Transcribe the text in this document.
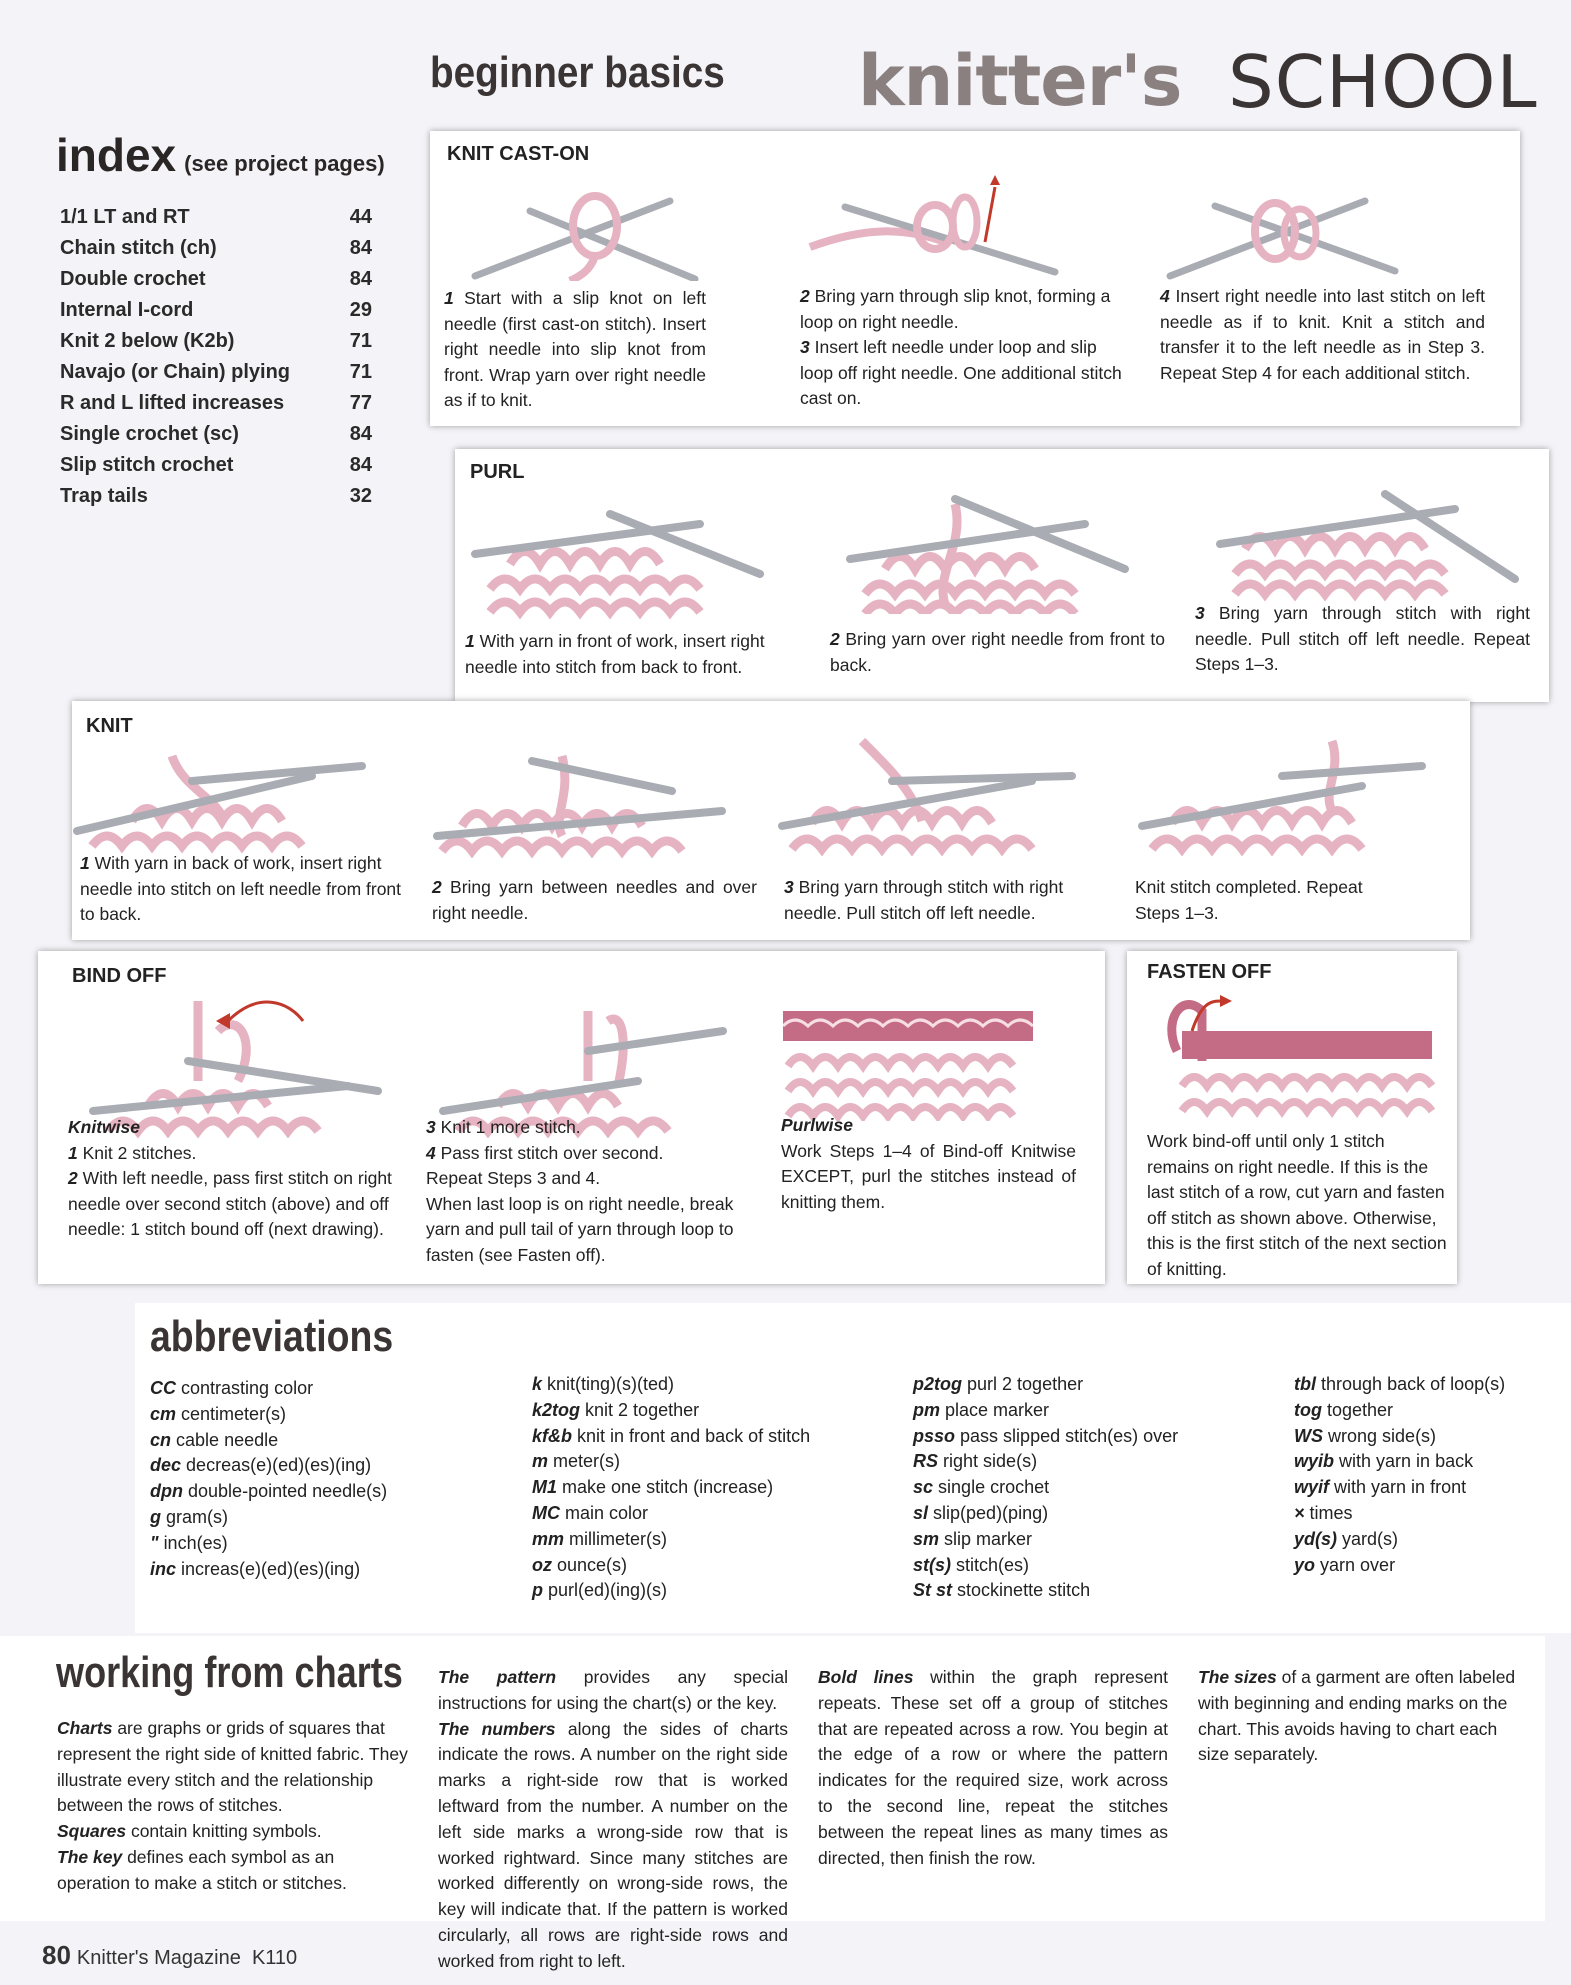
beginner basics knitter's SCHOOL
index (see project pages)
1/1 LT and RT	44
Chain stitch (ch)	84
Double crochet	84
Internal I-cord	29
Knit 2 below (K2b)	71
Navajo (or Chain) plying	71
R and L lifted increases	77
Single crochet (sc)	84
Slip stitch crochet	84
Trap tails	32
KNIT CAST-ON
1 Start with a slip knot on left needle (first cast-on stitch). Insert right needle into slip knot from front. Wrap yarn over right needle as if to knit.
2 Bring yarn through slip knot, forming a loop on right needle.
3 Insert left needle under loop and slip loop off right needle. One additional stitch cast on.
4 Insert right needle into last stitch on left needle as if to knit. Knit a stitch and transfer it to the left needle as in Step 3. Repeat Step 4 for each additional stitch.
PURL
1 With yarn in front of work, insert right needle into stitch from back to front.
2 Bring yarn over right needle from front to back.
3 Bring yarn through stitch with right needle. Pull stitch off left needle. Repeat Steps 1–3.
KNIT
1 With yarn in back of work, insert right needle into stitch on left needle from front to back.
2 Bring yarn between needles and over right needle.
3 Bring yarn through stitch with right needle. Pull stitch off left needle.
Knit stitch completed. Repeat Steps 1–3.
BIND OFF
Knitwise
1 Knit 2 stitches.
2 With left needle, pass first stitch on right needle over second stitch (above) and off needle: 1 stitch bound off (next drawing).
3 Knit 1 more stitch.
4 Pass first stitch over second.
Repeat Steps 3 and 4.
When last loop is on right needle, break yarn and pull tail of yarn through loop to fasten (see Fasten off).
Purlwise
Work Steps 1–4 of Bind-off Knitwise EXCEPT, purl the stitches instead of knitting them.
FASTEN OFF
Work bind-off until only 1 stitch remains on right needle. If this is the last stitch of a row, cut yarn and fasten off stitch as shown above. Otherwise, this is the first stitch of the next section of knitting.
abbreviations
CC contrasting color
cm centimeter(s)
cn cable needle
dec decreas(e)(ed)(es)(ing)
dpn double-pointed needle(s)
g gram(s)
" inch(es)
inc increas(e)(ed)(es)(ing)
k knit(ting)(s)(ted)
k2tog knit 2 together
kf&b knit in front and back of stitch
m meter(s)
M1 make one stitch (increase)
MC main color
mm millimeter(s)
oz ounce(s)
p purl(ed)(ing)(s)
p2tog purl 2 together
pm place marker
psso pass slipped stitch(es) over
RS right side(s)
sc single crochet
sl slip(ped)(ping)
sm slip marker
st(s) stitch(es)
St st stockinette stitch
tbl through back of loop(s)
tog together
WS wrong side(s)
wyib with yarn in back
wyif with yarn in front
× times
yd(s) yard(s)
yo yarn over
working from charts
Charts are graphs or grids of squares that represent the right side of knitted fabric. They illustrate every stitch and the relationship between the rows of stitches.
Squares contain knitting symbols.
The key defines each symbol as an operation to make a stitch or stitches.
The pattern provides any special instructions for using the chart(s) or the key.
The numbers along the sides of charts indicate the rows. A number on the right side marks a right-side row that is worked leftward from the number. A number on the left side marks a wrong-side row that is worked rightward. Since many stitches are worked differently on wrong-side rows, the key will indicate that. If the pattern is worked circularly, all rows are right-side rows and worked from right to left.
Bold lines within the graph represent repeats. These set off a group of stitches that are repeated across a row. You begin at the edge of a row or where the pattern indicates for the required size, work across to the second line, repeat the stitches between the repeat lines as many times as directed, then finish the row.
The sizes of a garment are often labeled with beginning and ending marks on the chart. This avoids having to chart each size separately.
80 Knitter's Magazine K110
